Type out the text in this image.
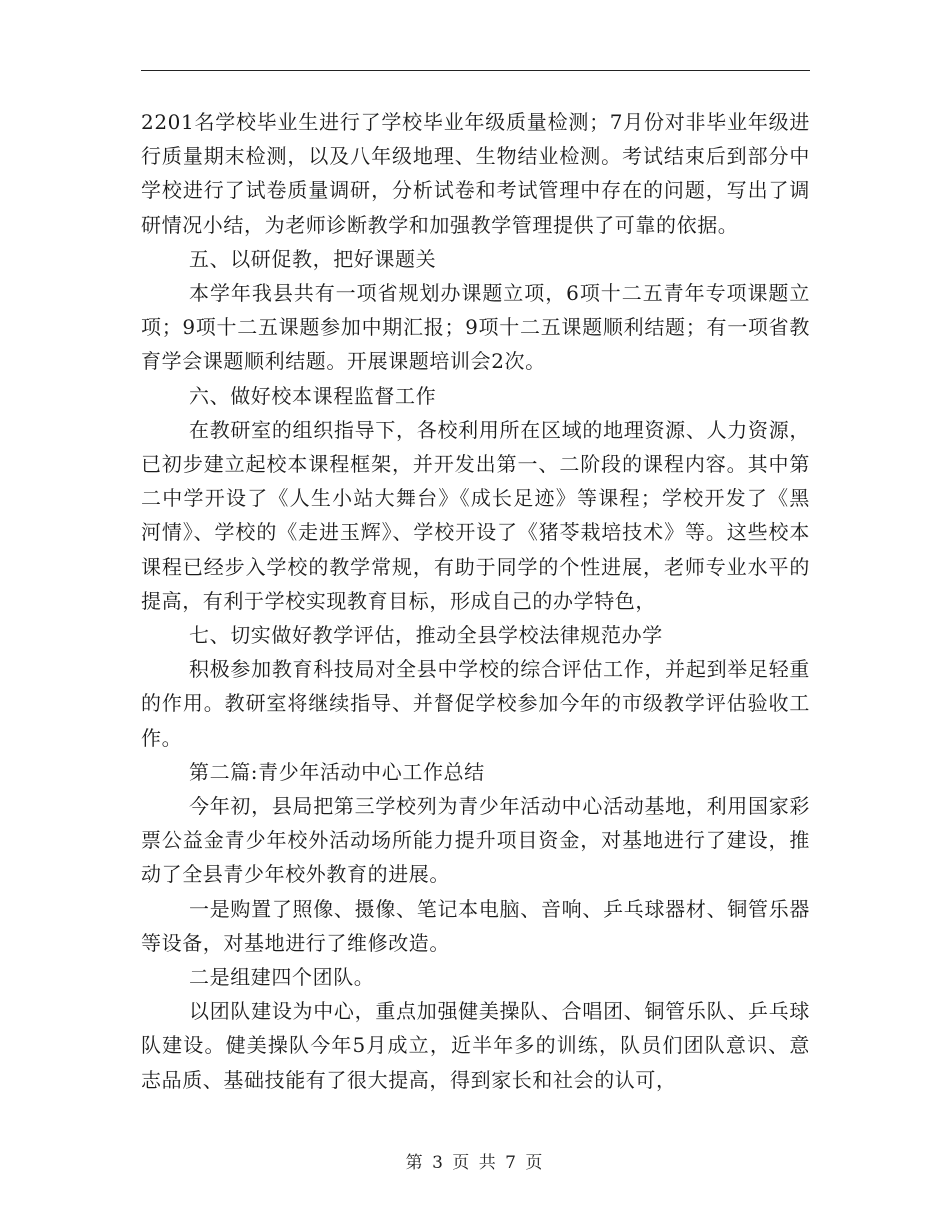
2201名学校毕业生进行了学校毕业年级质量检测；7月份对非毕业年级进行质量期末检测，以及八年级地理、生物结业检测。考试结束后到部分中学校进行了试卷质量调研，分析试卷和考试管理中存在的问题，写出了调研情况小结，为老师诊断教学和加强教学管理提供了可靠的依据。

五、以研促教，把好课题关

本学年我县共有一项省规划办课题立项，6项十二五青年专项课题立项；9项十二五课题参加中期汇报；9项十二五课题顺利结题；有一项省教育学会课题顺利结题。开展课题培训会2次。

六、做好校本课程监督工作

在教研室的组织指导下，各校利用所在区域的地理资源、人力资源，已初步建立起校本课程框架，并开发出第一、二阶段的课程内容。其中第二中学开设了《人生小站大舞台》《成长足迹》等课程；学校开发了《黑河情》、学校的《走进玉辉》、学校开设了《猪苓栽培技术》等。这些校本课程已经步入学校的教学常规，有助于同学的个性进展，老师专业水平的提高，有利于学校实现教育目标，形成自己的办学特色，

七、切实做好教学评估，推动全县学校法律规范办学

积极参加教育科技局对全县中学校的综合评估工作，并起到举足轻重的作用。教研室将继续指导、并督促学校参加今年的市级教学评估验收工作。

第二篇:青少年活动中心工作总结

今年初，县局把第三学校列为青少年活动中心活动基地，利用国家彩票公益金青少年校外活动场所能力提升项目资金，对基地进行了建设，推动了全县青少年校外教育的进展。

一是购置了照像、摄像、笔记本电脑、音响、乒乓球器材、铜管乐器等设备，对基地进行了维修改造。

二是组建四个团队。

以团队建设为中心，重点加强健美操队、合唱团、铜管乐队、乒乓球队建设。健美操队今年5月成立，近半年多的训练，队员们团队意识、意志品质、基础技能有了很大提高，得到家长和社会的认可，

第 3 页 共 7 页
